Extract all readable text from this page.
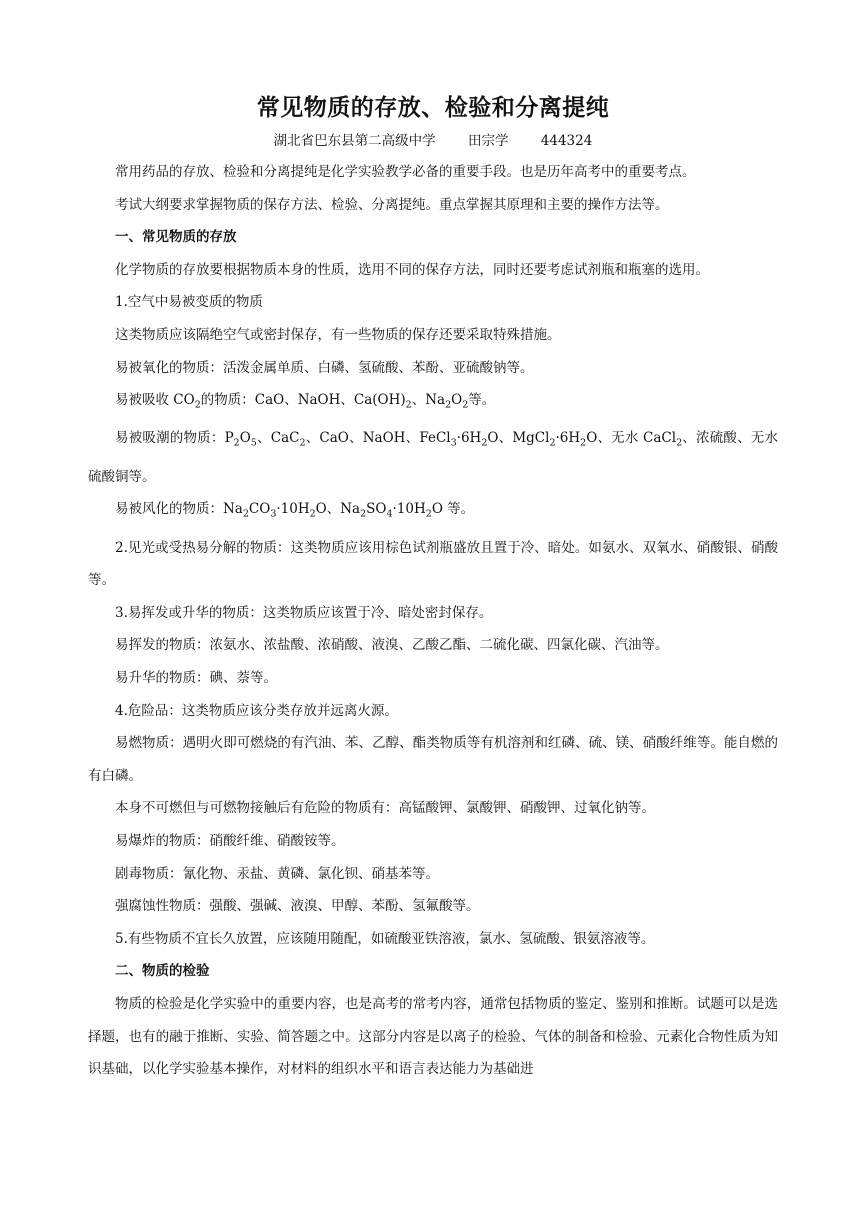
常见物质的存放、检验和分离提纯
湖北省巴东县第二高级中学 田宗学 444324

常用药品的存放、检验和分离提纯是化学实验教学必备的重要手段。也是历年高考中的重要考点。

考试大纲要求掌握物质的保存方法、检验、分离提纯。重点掌握其原理和主要的操作方法等。

一、常见物质的存放

化学物质的存放要根据物质本身的性质，选用不同的保存方法，同时还要考虑试剂瓶和瓶塞的选用。

1.空气中易被变质的物质

这类物质应该隔绝空气或密封保存，有一些物质的保存还要采取特殊措施。

易被氧化的物质：活泼金属单质、白磷、氢硫酸、苯酚、亚硫酸钠等。

易被吸收 $CO_2$的物质：CaO、NaOH、$Ca(OH)_2$、$Na_2O_2$等。

易被吸潮的物质：$P_2O_5$、CaC$_2$、CaO、NaOH、$FeCl_3\cdot 6H_2O$、$MgCl_2\cdot 6H_2O$、无水 CaCl$_2$、浓硫酸、无水硫酸铜等。

易被风化的物质：$Na_2CO_3\cdot 10H_2O$、$Na_2SO_4\cdot 10H_2O$ 等。

2.见光或受热易分解的物质：这类物质应该用棕色试剂瓶盛放且置于冷、暗处。如氨水、双氧水、硝酸银、硝酸等。

3.易挥发或升华的物质：这类物质应该置于冷、暗处密封保存。

易挥发的物质：浓氨水、浓盐酸、浓硝酸、液溴、乙酸乙酯、二硫化碳、四氯化碳、汽油等。

易升华的物质：碘、萘等。

4.危险品：这类物质应该分类存放并远离火源。

易燃物质：遇明火即可燃烧的有汽油、苯、乙醇、酯类物质等有机溶剂和红磷、硫、镁、硝酸纤维等。能自燃的有白磷。

本身不可燃但与可燃物接触后有危险的物质有：高锰酸钾、氯酸钾、硝酸钾、过氧化钠等。

易爆炸的物质：硝酸纤维、硝酸铵等。

剧毒物质：氰化物、汞盐、黄磷、氯化钡、硝基苯等。

强腐蚀性物质：强酸、强碱、液溴、甲醇、苯酚、氢氟酸等。

5.有些物质不宜长久放置，应该随用随配，如硫酸亚铁溶液，氯水、氢硫酸、银氨溶液等。

二、物质的检验

物质的检验是化学实验中的重要内容，也是高考的常考内容，通常包括物质的鉴定、鉴别和推断。试题可以是选择题，也有的融于推断、实验、简答题之中。这部分内容是以离子的检验、气体的制备和检验、元素化合物性质为知识基础，以化学实验基本操作，对材料的组织水平和语言表达能力为基础进
